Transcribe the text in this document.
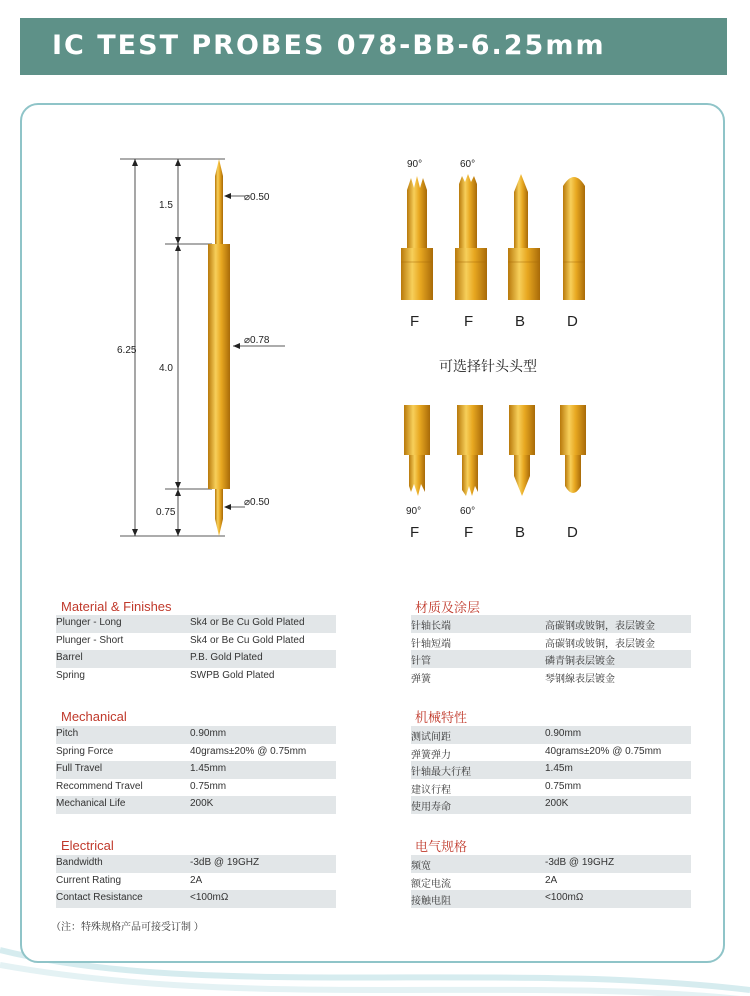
IC TEST PROBES 078-BB-6.25mm
6.25
1.5
4.0
0.75
⌀0.50
⌀0.78
⌀0.50
90°	60°
F	F	B	D
可选择针头头型
90°	60°
F	F	B	D
Material & Finishes
Plunger - Long	Sk4 or Be Cu Gold Plated
Plunger - Short	Sk4 or Be Cu Gold Plated
Barrel	P.B. Gold Plated
Spring	SWPB Gold Plated
材质及涂层
针轴长端	高碳钢或铍铜，表层镀金
针轴短端	高碳钢或铍铜，表层镀金
针管	磷青铜表层镀金
弹簧	琴钢線表层镀金
Mechanical
Pitch	0.90mm
Spring Force	40grams±20% @ 0.75mm
Full Travel	1.45mm
Recommend Travel	0.75mm
Mechanical Life	200K
机械特性
测试间距	0.90mm
弹簧弹力	40grams±20% @ 0.75mm
针轴最大行程	1.45m
建议行程	0.75mm
使用寿命	200K
Electrical
Bandwidth	-3dB @ 19GHZ
Current Rating	2A
Contact Resistance	<100mΩ
电气规格
频宽	-3dB @ 19GHZ
额定电流	2A
接触电阻	<100mΩ
（注：特殊规格产品可接受订制 ）
